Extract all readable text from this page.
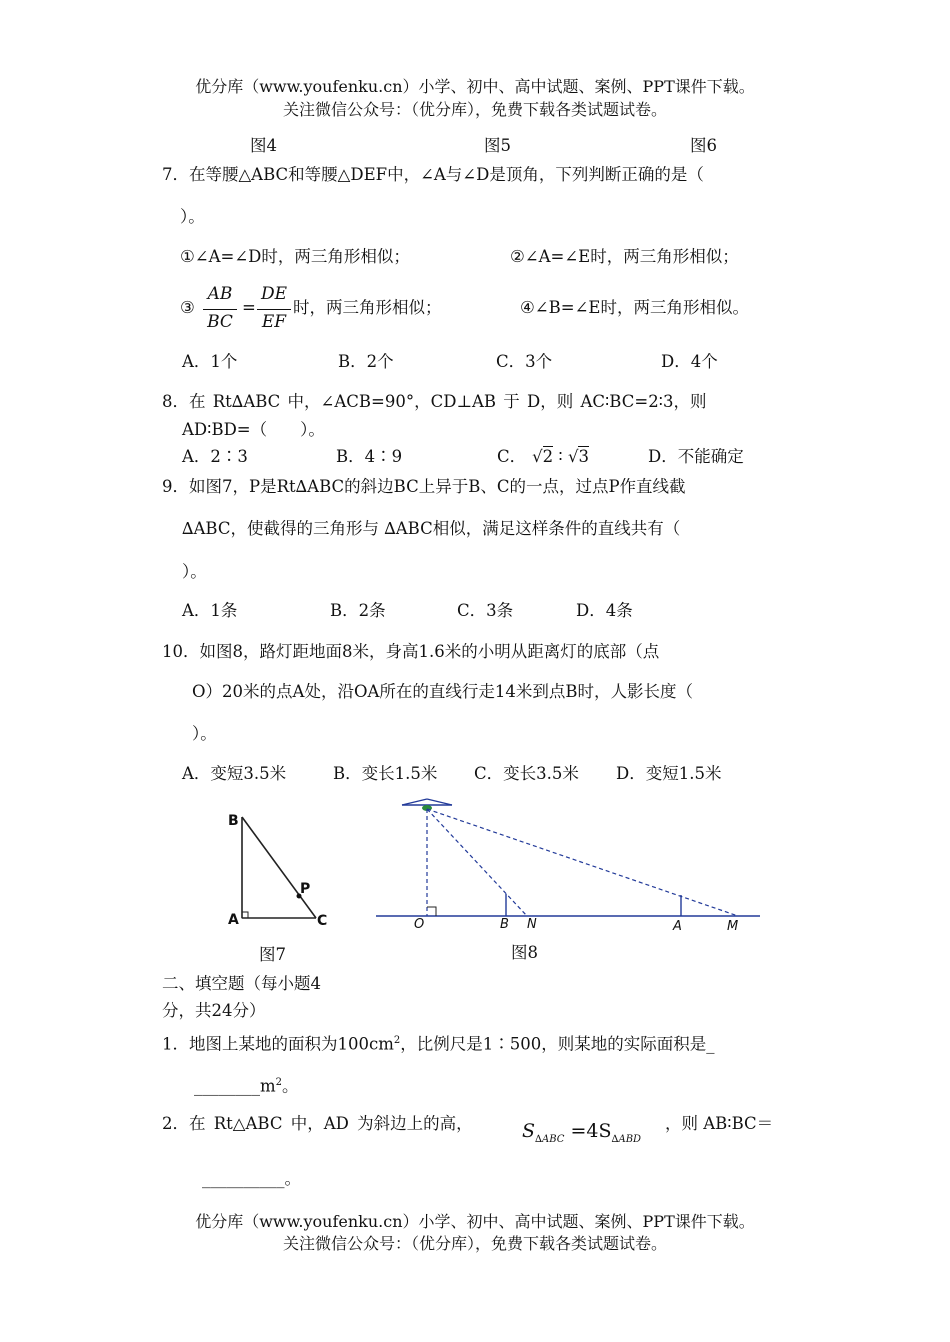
优分库（www.youfenku.cn）小学、初中、高中试题、案例、PPT课件下载。
关注微信公众号：（优分库），免费下载各类试题试卷。
图4	图5	图6
7．在等腰△ABC和等腰△DEF中，∠A与∠D是顶角，下列判断正确的是（
）。
①∠A=∠D时，两三角形相似；	②∠A=∠E时，两三角形相似；
③
AB
BC
=
DE
EF
时，两三角形相似；	④∠B=∠E时，两三角形相似。
A．1个	B．2个	C．3个	D．4个
8．在 Rt∆ABC 中，∠ACB=90°，CD⊥AB 于 D，则 AC∶BC=2∶3，则
AD∶BD=（　　）。
A．2∶3	B．4∶9	C． √2 ∶ √3	D．不能确定
9．如图7，P是Rt∆ABC的斜边BC上异于B、C的一点，过点P作直线截
∆ABC，使截得的三角形与 ∆ABC相似，满足这样条件的直线共有（
）。
A．1条	B．2条	C．3条	D．4条
10．如图8，路灯距地面8米，身高1.6米的小明从距离灯的底部（点
O）20米的点A处，沿OA所在的直线行走14米到点B时，人影长度（
）。
A．变短3.5米	B．变长1.5米 C．变长3.5米 D．变短1.5米
B
A	C
P
图7
O	B N	A	M
图8
二、填空题（每小题4
分，共24分）
1．地图上某地的面积为$100cm^2$，比例尺是1∶500，则某地的实际面积是_
$\_\_\_\_\_\_\_\_m^2$。
2．在 Rt△ABC 中，AD 为斜边上的高，	$S_{\Delta ABC} =4S_{\Delta ABD}$
，则 AB∶BC＝
__________。
优分库（www.youfenku.cn）小学、初中、高中试题、案例、PPT课件下载。
关注微信公众号：（优分库），免费下载各类试题试卷。
